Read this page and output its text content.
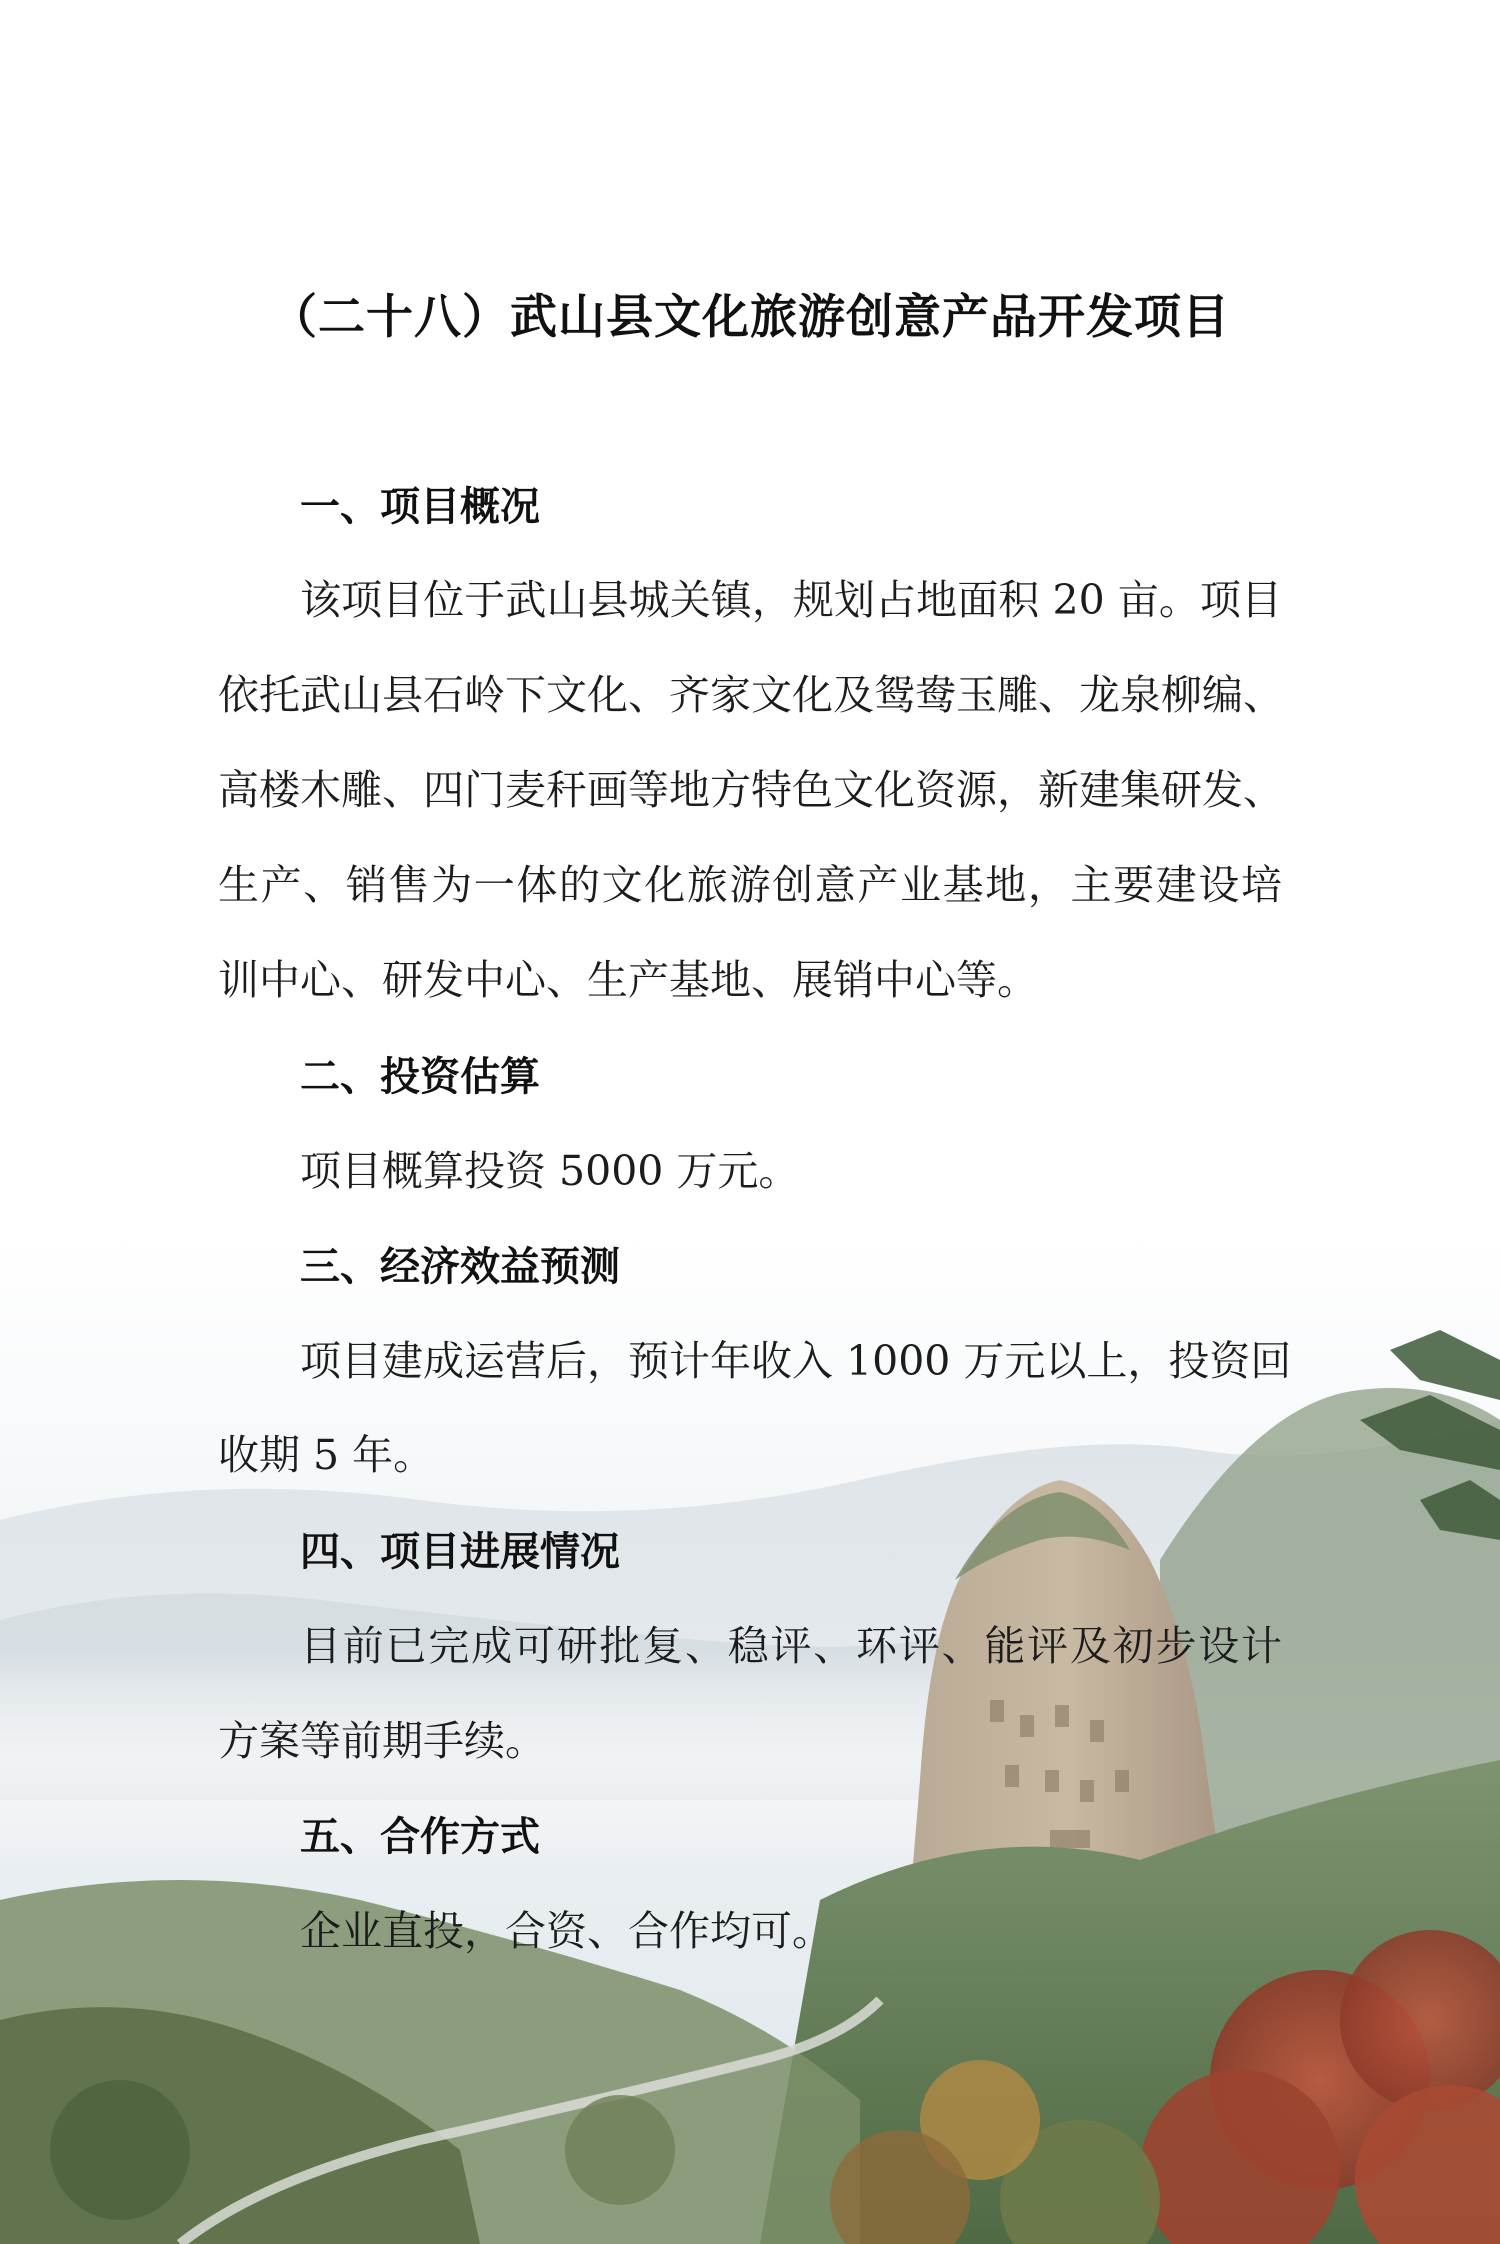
（二十八）武山县文化旅游创意产品开发项目
一、项目概况
该项目位于武山县城关镇，规划占地面积 20 亩。项目
依托武山县石岭下文化、齐家文化及鸳鸯玉雕、龙泉柳编、
高楼木雕、四门麦秆画等地方特色文化资源，新建集研发、
生产、销售为一体的文化旅游创意产业基地，主要建设培
训中心、研发中心、生产基地、展销中心等。
二、投资估算
项目概算投资 5000 万元。
三、经济效益预测
项目建成运营后，预计年收入 1000 万元以上，投资回
收期 5 年。
四、项目进展情况
目前已完成可研批复、稳评、环评、能评及初步设计
方案等前期手续。
五、合作方式
企业直投，合资、合作均可。
